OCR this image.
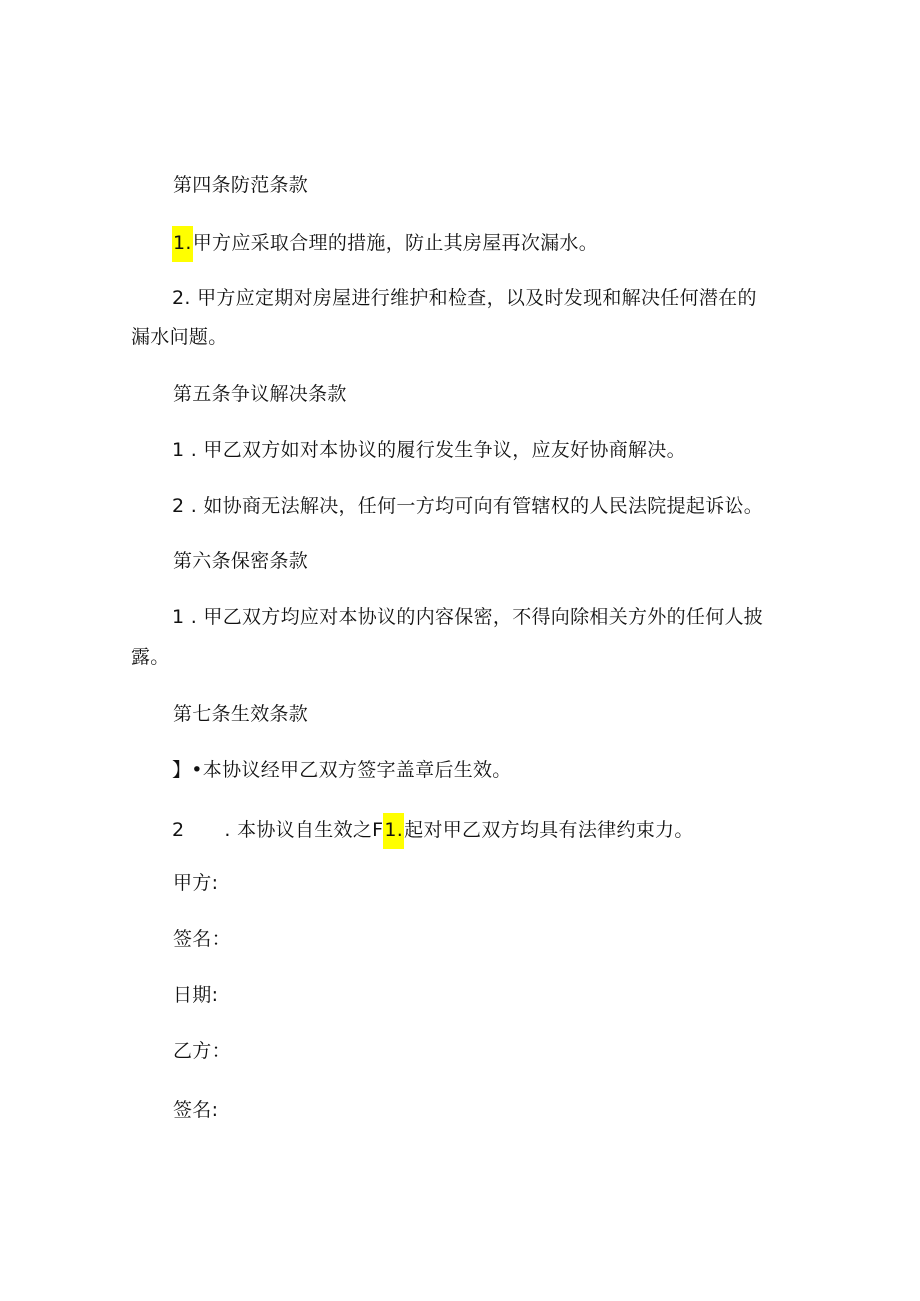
第四条防范条款
1.甲方应采取合理的措施，防止其房屋再次漏水。
2. 甲方应定期对房屋进行维护和检查，以及时发现和解决任何潜在的
漏水问题。
第五条争议解决条款
1 . 甲乙双方如对本协议的履行发生争议，应友好协商解决。
2 . 如协商无法解决，任何一方均可向有管辖权的人民法院提起诉讼。
第六条保密条款
1 . 甲乙双方均应对本协议的内容保密，不得向除相关方外的任何人披
露。
第七条生效条款
】•本协议经甲乙双方签字盖章后生效。
2 . 本协议自生效之F1.起对甲乙双方均具有法律约束力。
甲方:
签名：
日期:
乙方：
签名:
